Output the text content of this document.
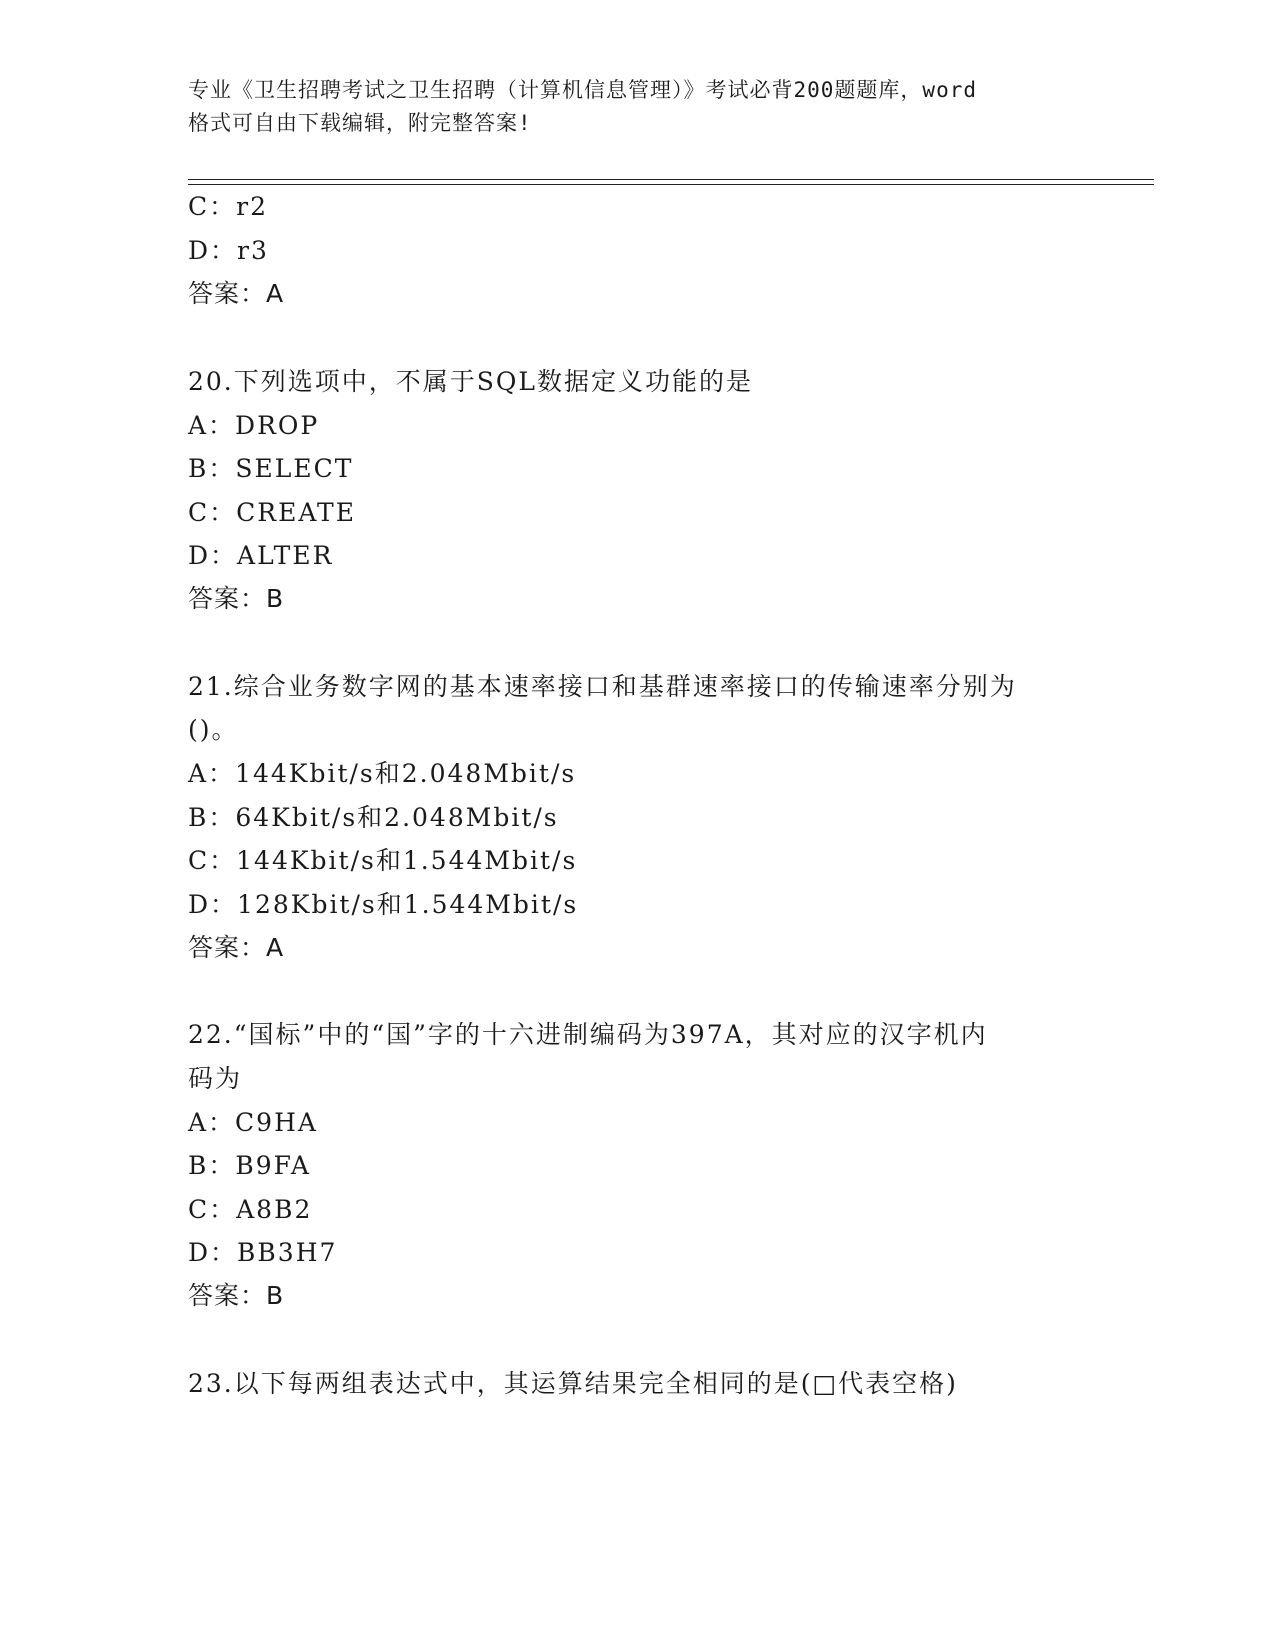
专业《卫生招聘考试之卫生招聘（计算机信息管理）》考试必背200题题库，word
格式可自由下载编辑，附完整答案!
C：r2
D：r3
答案：A
20.下列选项中，不属于SQL数据定义功能的是
A：DROP
B：SELECT
C：CREATE
D：ALTER
答案：B
21.综合业务数字网的基本速率接口和基群速率接口的传输速率分别为
()。
A：144Kbit/s和2.048Mbit/s
B：64Kbit/s和2.048Mbit/s
C：144Kbit/s和1.544Mbit/s
D：128Kbit/s和1.544Mbit/s
答案：A
22.“国标”中的“国”字的十六进制编码为397A，其对应的汉字机内
码为
A：C9HA
B：B9FA
C：A8B2
D：BB3H7
答案：B
23.以下每两组表达式中，其运算结果完全相同的是(□代表空格)
